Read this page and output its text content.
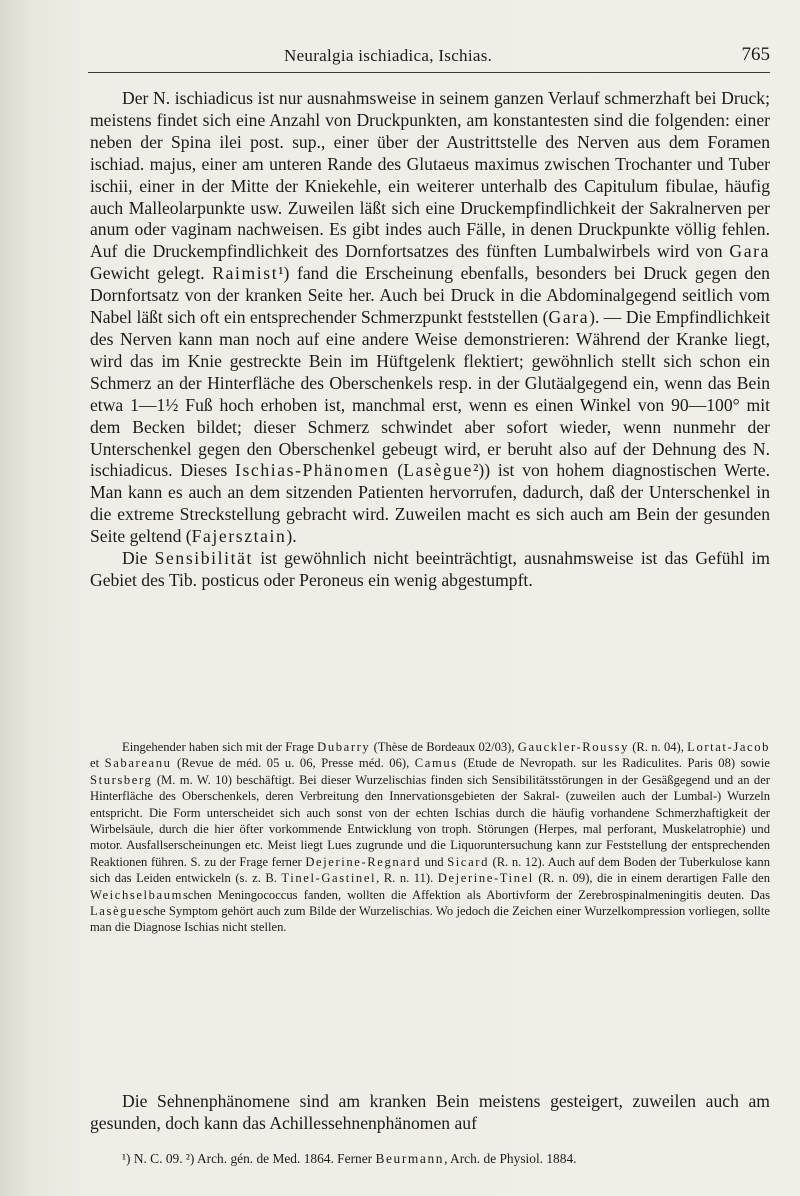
Neuralgia ischiadica, Ischias.	765

Der N. ischiadicus ist nur ausnahmsweise in seinem ganzen Verlauf schmerzhaft bei Druck; meistens findet sich eine Anzahl von Druckpunkten, am konstantesten sind die folgenden: einer neben der Spina ilei post. sup., einer über der Austrittstelle des Nerven aus dem Foramen ischiad. majus, einer am unteren Rande des Glutaeus maximus zwischen Trochanter und Tuber ischii, einer in der Mitte der Kniekehle, ein weiterer unterhalb des Capitulum fibulae, häufig auch Malleolarpunkte usw. Zuweilen läßt sich eine Druckempfindlichkeit der Sakralnerven per anum oder vaginam nachweisen. Es gibt indes auch Fälle, in denen Druckpunkte völlig fehlen. Auf die Druckempfindlichkeit des Dornfortsatzes des fünften Lumbalwirbels wird von Gara Gewicht gelegt. Raimist¹) fand die Erscheinung ebenfalls, besonders bei Druck gegen den Dornfortsatz von der kranken Seite her. Auch bei Druck in die Abdominalgegend seitlich vom Nabel läßt sich oft ein entsprechender Schmerzpunkt feststellen (Gara). — Die Empfindlichkeit des Nerven kann man noch auf eine andere Weise demonstrieren: Während der Kranke liegt, wird das im Knie gestreckte Bein im Hüftgelenk flektiert; gewöhnlich stellt sich schon ein Schmerz an der Hinterfläche des Oberschenkels resp. in der Glutäalgegend ein, wenn das Bein etwa 1—1½ Fuß hoch erhoben ist, manchmal erst, wenn es einen Winkel von 90—100° mit dem Becken bildet; dieser Schmerz schwindet aber sofort wieder, wenn nunmehr der Unterschenkel gegen den Oberschenkel gebeugt wird, er beruht also auf der Dehnung des N. ischiadicus. Dieses Ischias-Phänomen (Lasègue²)) ist von hohem diagnostischen Werte. Man kann es auch an dem sitzenden Patienten hervorrufen, dadurch, daß der Unterschenkel in die extreme Streckstellung gebracht wird. Zuweilen macht es sich auch am Bein der gesunden Seite geltend (Fajersztain).

Die Sensibilität ist gewöhnlich nicht beeinträchtigt, ausnahmsweise ist das Gefühl im Gebiet des Tib. posticus oder Peroneus ein wenig abgestumpft.

Eingehender haben sich mit der Frage Dubarry (Thèse de Bordeaux 02/03), Gauckler-Roussy (R. n. 04), Lortat-Jacob et Sabareanu (Revue de méd. 05 u. 06, Presse méd. 06), Camus (Etude de Nevropath. sur les Radiculites. Paris 08) sowie Stursberg (M. m. W. 10) beschäftigt. Bei dieser Wurzelischias finden sich Sensibilitätsstörungen in der Gesäßgegend und an der Hinterfläche des Oberschenkels, deren Verbreitung den Innervationsgebieten der Sakral- (zuweilen auch der Lumbal-) Wurzeln entspricht. Die Form unterscheidet sich auch sonst von der echten Ischias durch die häufig vorhandene Schmerzhaftigkeit der Wirbelsäule, durch die hier öfter vorkommende Entwicklung von troph. Störungen (Herpes, mal perforant, Muskelatrophie) und motor. Ausfallserscheinungen etc. Meist liegt Lues zugrunde und die Liquoruntersuchung kann zur Feststellung der entsprechenden Reaktionen führen. S. zu der Frage ferner Dejerine-Regnard und Sicard (R. n. 12). Auch auf dem Boden der Tuberkulose kann sich das Leiden entwickeln (s. z. B. Tinel-Gastinel, R. n. 11). Dejerine-Tinel (R. n. 09), die in einem derartigen Falle den Weichselbaumschen Meningococcus fanden, wollten die Affektion als Abortivform der Zerebrospinalmeningitis deuten. Das Lasèguesche Symptom gehört auch zum Bilde der Wurzelischias. Wo jedoch die Zeichen einer Wurzelkompression vorliegen, sollte man die Diagnose Ischias nicht stellen.

Die Sehnenphänomene sind am kranken Bein meistens gesteigert, zuweilen auch am gesunden, doch kann das Achillessehnenphänomen auf

¹) N. C. 09. ²) Arch. gén. de Med. 1864. Ferner Beurmann, Arch. de Physiol. 1884.
